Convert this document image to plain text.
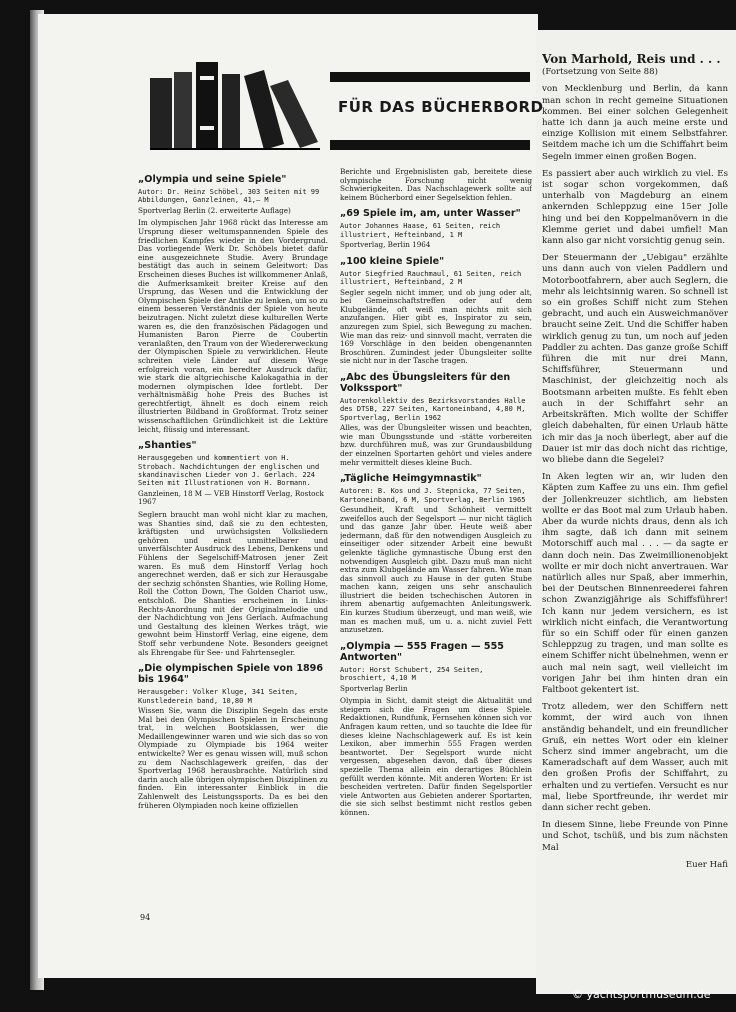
FÜR DAS BÜCHERBORD
„Olympia und seine Spiele"
Autor: Dr. Heinz Schöbel, 303 Seiten mit 99 Abbildungen, Ganzleinen, 41,– M
Sportverlag Berlin (2. erweiterte Auflage)

Im olympischen Jahr 1968 rückt das Interesse am Ursprung dieser weltumspannenden Spiele des friedlichen Kampfes wieder in den Vordergrund. Das vorliegende Werk Dr. Schöbels bietet dafür eine ausgezeichnete Studie. Avery Brundage bestätigt das auch in seinem Geleitwort: Das Erscheinen dieses Buches ist willkommener Anlaß, die Aufmerksamkeit breiter Kreise auf den Ursprung, das Wesen und die Entwicklung der Olympischen Spiele der Antike zu lenken, um so zu einem besseren Verständnis der Spiele von heute beizutragen. Nicht zuletzt diese kulturellen Werte waren es, die den französischen Pädagogen und Humanisten Baron Pierre de Coubertin veranlaßten, den Traum von der Wiedererweckung der Olympischen Spiele zu verwirklichen. Heute schreiten viele Länder auf diesem Wege erfolgreich voran, ein beredter Ausdruck dafür, wie stark die altgriechische Kalokagathia in der modernen olympischen Idee fortlebt. Der verhältnismäßig hohe Preis des Buches ist gerechtfertigt, ähnelt es doch einem reich illustrierten Bildband in Großformat. Trotz seiner wissenschaftlichen Gründlichkeit ist die Lektüre leicht, flüssig und interessant.

„Shanties"
Herausgegeben und kommentiert von H. Strobach. Nachdichtungen der englischen und skandinavischen Lieder von J. Gerlach. 224 Seiten mit Illustrationen von H. Bormann.
Ganzleinen, 18 M — VEB Hinstorff Verlag, Rostock 1967

Seglern braucht man wohl nicht klar zu machen, was Shanties sind, daß sie zu den echtesten, kräftigsten und urwüchsigsten Volksliedern gehören und einst unmittelbarer und unverfälschter Ausdruck des Lebens, Denkens und Fühlens der Segelschiff-Matrosen jener Zeit waren. Es muß dem Hinstorff Verlag hoch angerechnet werden, daß er sich zur Herausgabe der sechzig schönsten Shanties, wie Rolling Home, Roll the Cotton Down, The Golden Chariot usw., entschloß. Die Shanties erscheinen in Links-Rechts-Anordnung mit der Originalmelodie und der Nachdichtung von Jens Gerlach. Aufmachung und Gestaltung des kleinen Werkes trägt, wie gewohnt beim Hinstorff Verlag, eine eigene, dem Stoff sehr verbundene Note. Besonders geeignet als Ehrengabe für See- und Fahrtensegler.

„Die olympischen Spiele von 1896 bis 1964"
Herausgeber: Volker Kluge, 341 Seiten, Kunstlederein band, 10,80 M

Wissen Sie, wann die Disziplin Segeln das erste Mal bei den Olympischen Spielen in Erscheinung trat, in welchen Bootsklassen, wer die Medaillengewinner waren und wie sich das so von Olympiade zu Olympiade bis 1964 weiter entwickelte? Wer es genau wissen will, muß schon zu dem Nachschlagewerk greifen, das der Sportverlag 1968 herausbrachte. Natürlich sind darin auch alle übrigen olympischen Disziplinen zu finden. Ein interessanter Einblick in die Zahlenwelt des Leistungssports. Da es bei den früheren Olympiaden noch keine offiziellen

Berichte und Ergebnislisten gab, bereitete diese olympische Forschung nicht wenig Schwierigkeiten. Das Nachschlagewerk sollte auf keinem Bücherbord einer Segelsektion fehlen.

„69 Spiele im, am, unter Wasser"
Autor Johannes Haase, 61 Seiten, reich illustriert, Hefteinband, 1 M
Sportverlag, Berlin 1964
„100 kleine Spiele"
Autor Siegfried Rauchmaul, 61 Seiten, reich illustriert, Hefteinband, 2 M

Segler segeln nicht immer, und ob jung oder alt, bei Gemeinschaftstreffen oder auf dem Klubgelände, oft weiß man nichts mit sich anzufangen. Hier gibt es, Inspirator zu sein, anzuregen zum Spiel, sich Bewegung zu machen. Wie man das reiz- und sinnvoll macht, verraten die 169 Vorschläge in den beiden obengenannten Broschüren. Zumindest jeder Übungsleiter sollte sie nicht nur in der Tasche tragen.

„Abc des Übungsleiters für den Volkssport"
Autorenkollektiv des Bezirksvorstandes Halle des DTSB, 227 Seiten, Kartoneinband, 4,80 M, Sportverlag, Berlin 1962

Alles, was der Übungsleiter wissen und beachten, wie man Übungsstunde und -stätte vorbereiten bzw. durchführen muß, was zur Grundausbildung der einzelnen Sportarten gehört und vieles andere mehr vermittelt dieses kleine Buch.

„Tägliche Heimgymnastik"
Autoren: B. Kos und J. Stepnicka, 77 Seiten, Kartoneinband, 6 M, Sportverlag, Berlin 1965

Gesundheit, Kraft und Schönheit vermittelt zweifellos auch der Segelsport — nur nicht täglich und das ganze Jahr über. Heute weiß aber jedermann, daß für den notwendigen Ausgleich zu einseitiger oder sitzender Arbeit eine bewußt gelenkte tägliche gymnastische Übung erst den notwendigen Ausgleich gibt. Dazu muß man nicht extra zum Klubgelände am Wasser fahren. Wie man das sinnvoll auch zu Hause in der guten Stube machen kann, zeigen uns sehr anschaulich illustriert die beiden tschechischen Autoren in ihrem abenartig aufgemachten Anleitungswerk. Ein kurzes Studium überzeugt, und man weiß, wie man es machen muß, um u. a. nicht zuviel Fett anzusetzen.

„Olympia — 555 Fragen — 555 Antworten"
Autor: Horst Schubert, 254 Seiten, broschiert, 4,10 M
Sportverlag Berlin

Olympia in Sicht, damit steigt die Aktualität und steigern sich die Fragen um diese Spiele. Redaktionen, Rundfunk, Fernsehen können sich vor Anfragen kaum retten, und so tauchte die Idee für dieses kleine Nachschlagewerk auf. Es ist kein Lexikon, aber immerhin 555 Fragen werden beantwortet. Der Segelsport wurde nicht vergessen, abgesehen davon, daß über dieses spezielle Thema allein ein derartiges Büchlein gefüllt werden könnte. Mit anderen Worten: Er ist bescheiden vertreten. Dafür finden Segelsportler viele Antworten aus Gebieten anderer Sportarten, die sie sich selbst bestimmt nicht restlos geben können.

Von Marhold, Reis und . . .
(Fortsetzung von Seite 88)

von Mecklenburg und Berlin, da kann man schon in recht gemeine Situationen kommen. Bei einer solchen Gelegenheit hatte ich dann ja auch meine erste und einzige Kollision mit einem Selbstfahrer. Seitdem mache ich um die Schiffahrt beim Segeln immer einen großen Bogen.

Es passiert aber auch wirklich zu viel. Es ist sogar schon vorgekommen, daß unterhalb von Magdeburg an einem ankernden Schleppzug eine 15er Jolle hing und bei den Koppelmanövern in die Klemme geriet und dabei umfiel! Man kann also gar nicht vorsichtig genug sein.

Der Steuermann der „Uebigau" erzählte uns dann auch von vielen Paddlern und Motorbootfahrern, aber auch Seglern, die mehr als leichtsinnig waren. So schnell ist so ein großes Schiff nicht zum Stehen gebracht, und auch ein Ausweichmanöver braucht seine Zeit. Und die Schiffer haben wirklich genug zu tun, um noch auf jeden Paddler zu achten. Das ganze große Schiff führen die mit nur drei Mann, Schiffsführer, Steuermann und Maschinist, der gleichzeitig noch als Bootsmann arbeiten mußte. Es fehlt eben auch in der Schiffahrt sehr an Arbeitskräften. Mich wollte der Schiffer gleich dabehalten, für einen Urlaub hätte ich mir das ja noch überlegt, aber auf die Dauer ist mir das doch nicht das richtige, wo bliebe dann die Segelei?

In Aken legten wir an, wir luden den Käpten zum Kaffee zu uns ein. Ihm gefiel der Jollenkreuzer sichtlich, am liebsten wollte er das Boot mal zum Urlaub haben. Aber da wurde nichts draus, denn als ich ihm sagte, daß ich dann mit seinem Motorschiff auch mal . . . — da sagte er dann doch nein. Das Zweimillionenobjekt wollte er mir doch nicht anvertrauen. War natürlich alles nur Spaß, aber immerhin, bei der Deutschen Binnenreederei fahren schon Zwanzigjährige als Schiffsführer! Ich kann nur jedem versichern, es ist wirklich nicht einfach, die Verantwortung für so ein Schiff oder für einen ganzen Schleppzug zu tragen, und man sollte es einem Schiffer nicht übelnehmen, wenn er auch mal nein sagt, weil vielleicht im vorigen Jahr bei ihm hinten dran ein Faltboot gekentert ist.

Trotz alledem, wer den Schiffern nett kommt, der wird auch von ihnen anständig behandelt, und ein freundlicher Gruß, ein nettes Wort oder ein kleiner Scherz sind immer angebracht, um die Kameradschaft auf dem Wasser, auch mit den großen Profis der Schiffahrt, zu erhalten und zu vertiefen. Versucht es nur mal, liebe Sportfreunde, ihr werdet mir dann sicher recht geben.

In diesem Sinne, liebe Freunde von Pinne und Schot, tschüß, und bis zum nächsten Mal

Euer Hafi
94
© yachtsportmuseum.de
